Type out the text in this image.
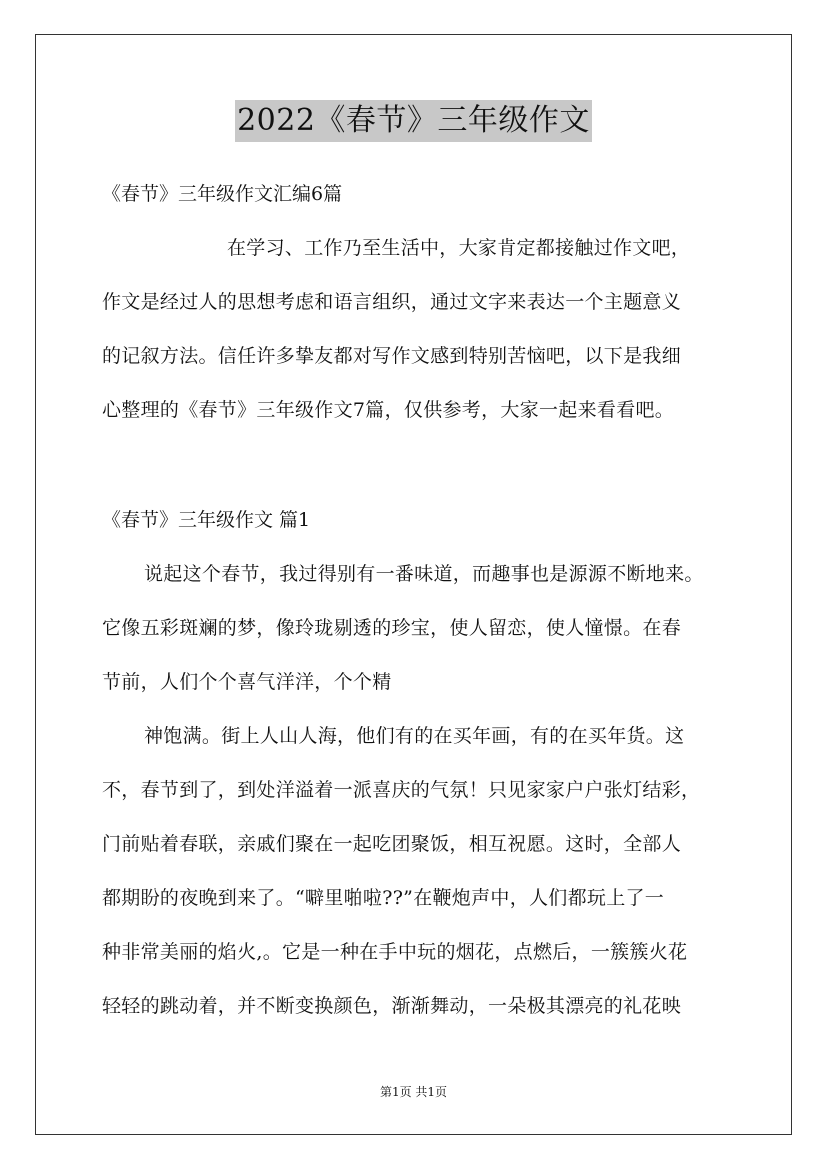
2022《春节》三年级作文
《春节》三年级作文汇编6篇
在学习、工作乃至生活中，大家肯定都接触过作文吧，
作文是经过人的思想考虑和语言组织，通过文字来表达一个主题意义
的记叙方法。信任许多挚友都对写作文感到特别苦恼吧，以下是我细
心整理的《春节》三年级作文7篇，仅供参考，大家一起来看看吧。
《春节》三年级作文 篇1
说起这个春节，我过得别有一番味道，而趣事也是源源不断地来。
它像五彩斑斓的梦，像玲珑剔透的珍宝，使人留恋，使人憧憬。在春
节前，人们个个喜气洋洋，个个精
神饱满。街上人山人海，他们有的在买年画，有的在买年货。这
不，春节到了，到处洋溢着一派喜庆的气氛！只见家家户户张灯结彩，
门前贴着春联，亲戚们聚在一起吃团聚饭，相互祝愿。这时，全部人
都期盼的夜晚到来了。“噼里啪啦??”在鞭炮声中，人们都玩上了一
种非常美丽的焰火,。它是一种在手中玩的烟花，点燃后，一簇簇火花
轻轻的跳动着，并不断变换颜色，渐渐舞动，一朵极其漂亮的礼花映
第1页 共1页
